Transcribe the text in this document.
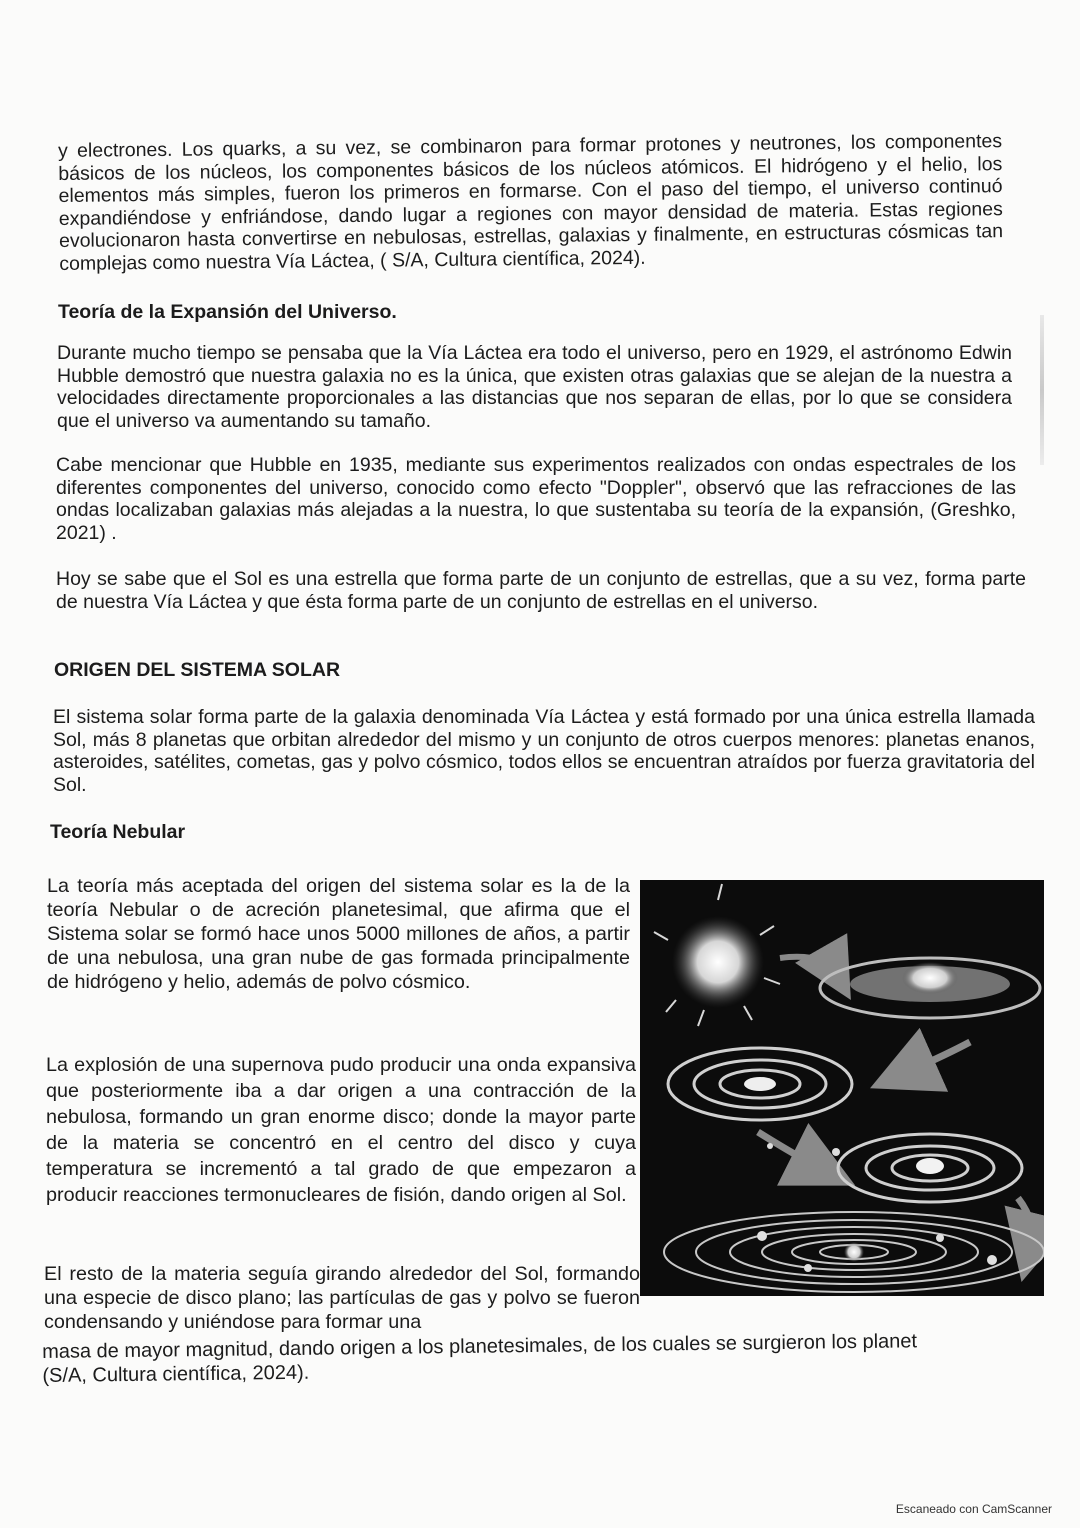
y electrones. Los quarks, a su vez, se combinaron para formar protones y neutrones, los componentes básicos de los núcleos, los componentes básicos de los núcleos atómicos. El hidrógeno y el helio, los elementos más simples, fueron los primeros en formarse. Con el paso del tiempo, el universo continuó expandiéndose y enfriándose, dando lugar a regiones con mayor densidad de materia. Estas regiones evolucionaron hasta convertirse en nebulosas, estrellas, galaxias y finalmente, en estructuras cósmicas tan complejas como nuestra Vía Láctea, ( S/A, Cultura científica, 2024).

Teoría de la Expansión del Universo.

Durante mucho tiempo se pensaba que la Vía Láctea era todo el universo, pero en 1929, el astrónomo Edwin Hubble demostró que nuestra galaxia no es la única, que existen otras galaxias que se alejan de la nuestra a velocidades directamente proporcionales a las distancias que nos separan de ellas, por lo que se considera que el universo va aumentando su tamaño.

Cabe mencionar que Hubble en 1935, mediante sus experimentos realizados con ondas espectrales de los diferentes componentes del universo, conocido como efecto "Doppler", observó que las refracciones de las ondas localizaban galaxias más alejadas a la nuestra, lo que sustentaba su teoría de la expansión, (Greshko, 2021) .

Hoy se sabe que el Sol es una estrella que forma parte de un conjunto de estrellas, que a su vez, forma parte de nuestra Vía Láctea y que ésta forma parte de un conjunto de estrellas en el universo.

ORIGEN DEL SISTEMA SOLAR

El sistema solar forma parte de la galaxia denominada Vía Láctea y está formado por una única estrella llamada Sol, más 8 planetas que orbitan alrededor del mismo y un conjunto de otros cuerpos menores: planetas enanos, asteroides, satélites, cometas, gas y polvo cósmico, todos ellos se encuentran atraídos por fuerza gravitatoria del Sol.

Teoría Nebular

La teoría más aceptada del origen del sistema solar es la de la teoría Nebular o de acreción planetesimal, que afirma que el Sistema solar se formó hace unos 5000 millones de años, a partir de una nebulosa, una gran nube de gas formada principalmente de hidrógeno y helio, además de polvo cósmico.

La explosión de una supernova pudo producir una onda expansiva que posteriormente iba a dar origen a una contracción de la nebulosa, formando un gran enorme disco; donde la mayor parte de la materia se concentró en el centro del disco y cuya temperatura se incrementó a tal grado de que empezaron a producir reacciones termonucleares de fisión, dando origen al Sol.

El resto de la materia seguía girando alrededor del Sol, formando una especie de disco plano; las partículas de gas y polvo se fueron condensando y uniéndose para formar una

masa de mayor magnitud, dando origen a los planetesimales, de los cuales se surgieron los planet
(S/A, Cultura científica, 2024).
Escaneado con CamScanner
